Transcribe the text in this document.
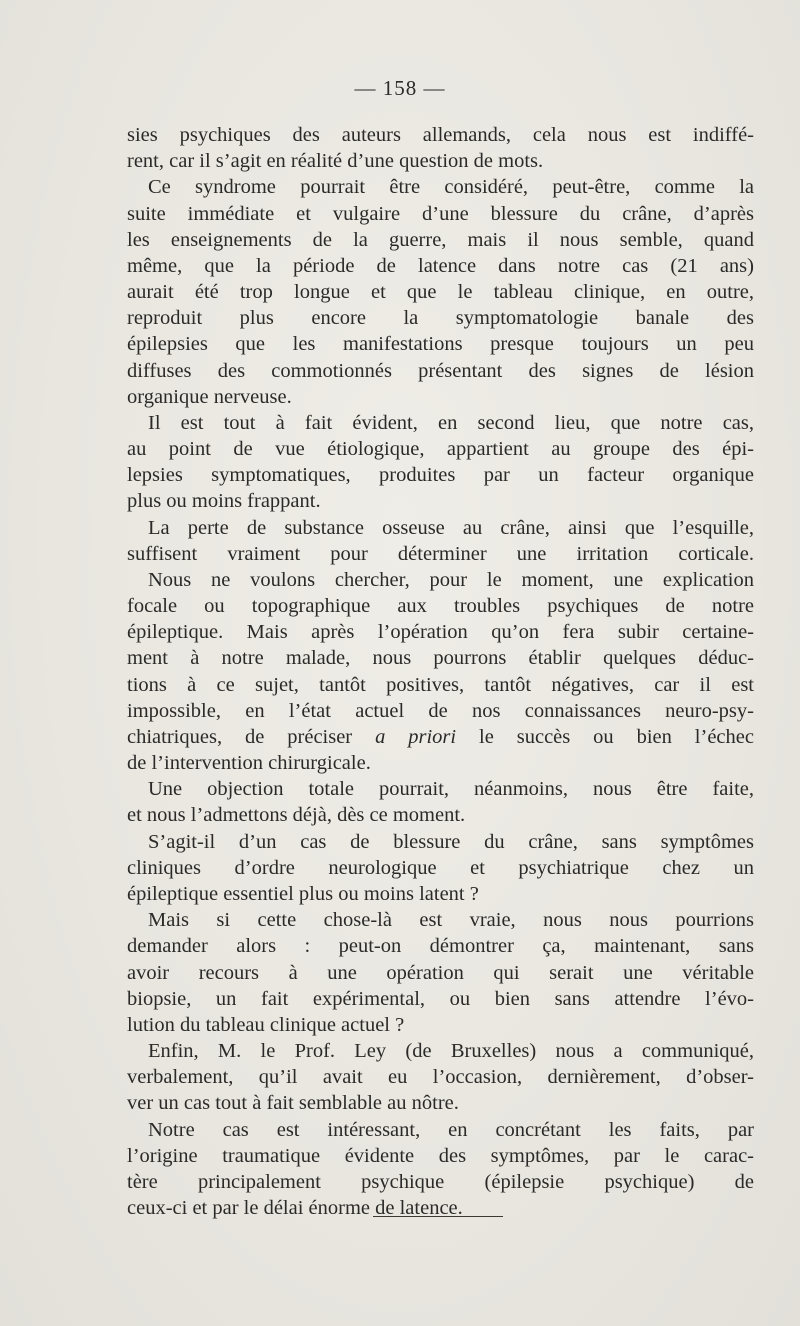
— 158 —
sies psychiques des auteurs allemands, cela nous est indiffé-
rent, car il s’agit en réalité d’une question de mots.
Ce syndrome pourrait être considéré, peut-être, comme la
suite immédiate et vulgaire d’une blessure du crâne, d’après
les enseignements de la guerre, mais il nous semble, quand
même, que la période de latence dans notre cas (21 ans)
aurait été trop longue et que le tableau clinique, en outre,
reproduit plus encore la symptomatologie banale des
épilepsies que les manifestations presque toujours un peu
diffuses des commotionnés présentant des signes de lésion
organique nerveuse.
Il est tout à fait évident, en second lieu, que notre cas,
au point de vue étiologique, appartient au groupe des épi-
lepsies symptomatiques, produites par un facteur organique
plus ou moins frappant.
La perte de substance osseuse au crâne, ainsi que l’esquille,
suffisent vraiment pour déterminer une irritation corticale.
Nous ne voulons chercher, pour le moment, une explication
focale ou topographique aux troubles psychiques de notre
épileptique. Mais après l’opération qu’on fera subir certaine-
ment à notre malade, nous pourrons établir quelques déduc-
tions à ce sujet, tantôt positives, tantôt négatives, car il est
impossible, en l’état actuel de nos connaissances neuro-psy-
chiatriques, de préciser a priori le succès ou bien l’échec
de l’intervention chirurgicale.
Une objection totale pourrait, néanmoins, nous être faite,
et nous l’admettons déjà, dès ce moment.
S’agit-il d’un cas de blessure du crâne, sans symptômes
cliniques d’ordre neurologique et psychiatrique chez un
épileptique essentiel plus ou moins latent ?
Mais si cette chose-là est vraie, nous nous pourrions
demander alors : peut-on démontrer ça, maintenant, sans
avoir recours à une opération qui serait une véritable
biopsie, un fait expérimental, ou bien sans attendre l’évo-
lution du tableau clinique actuel ?
Enfin, M. le Prof. Ley (de Bruxelles) nous a communiqué,
verbalement, qu’il avait eu l’occasion, dernièrement, d’obser-
ver un cas tout à fait semblable au nôtre.
Notre cas est intéressant, en concrétant les faits, par
l’origine traumatique évidente des symptômes, par le carac-
tère principalement psychique (épilepsie psychique) de
ceux-ci et par le délai énorme de latence.
